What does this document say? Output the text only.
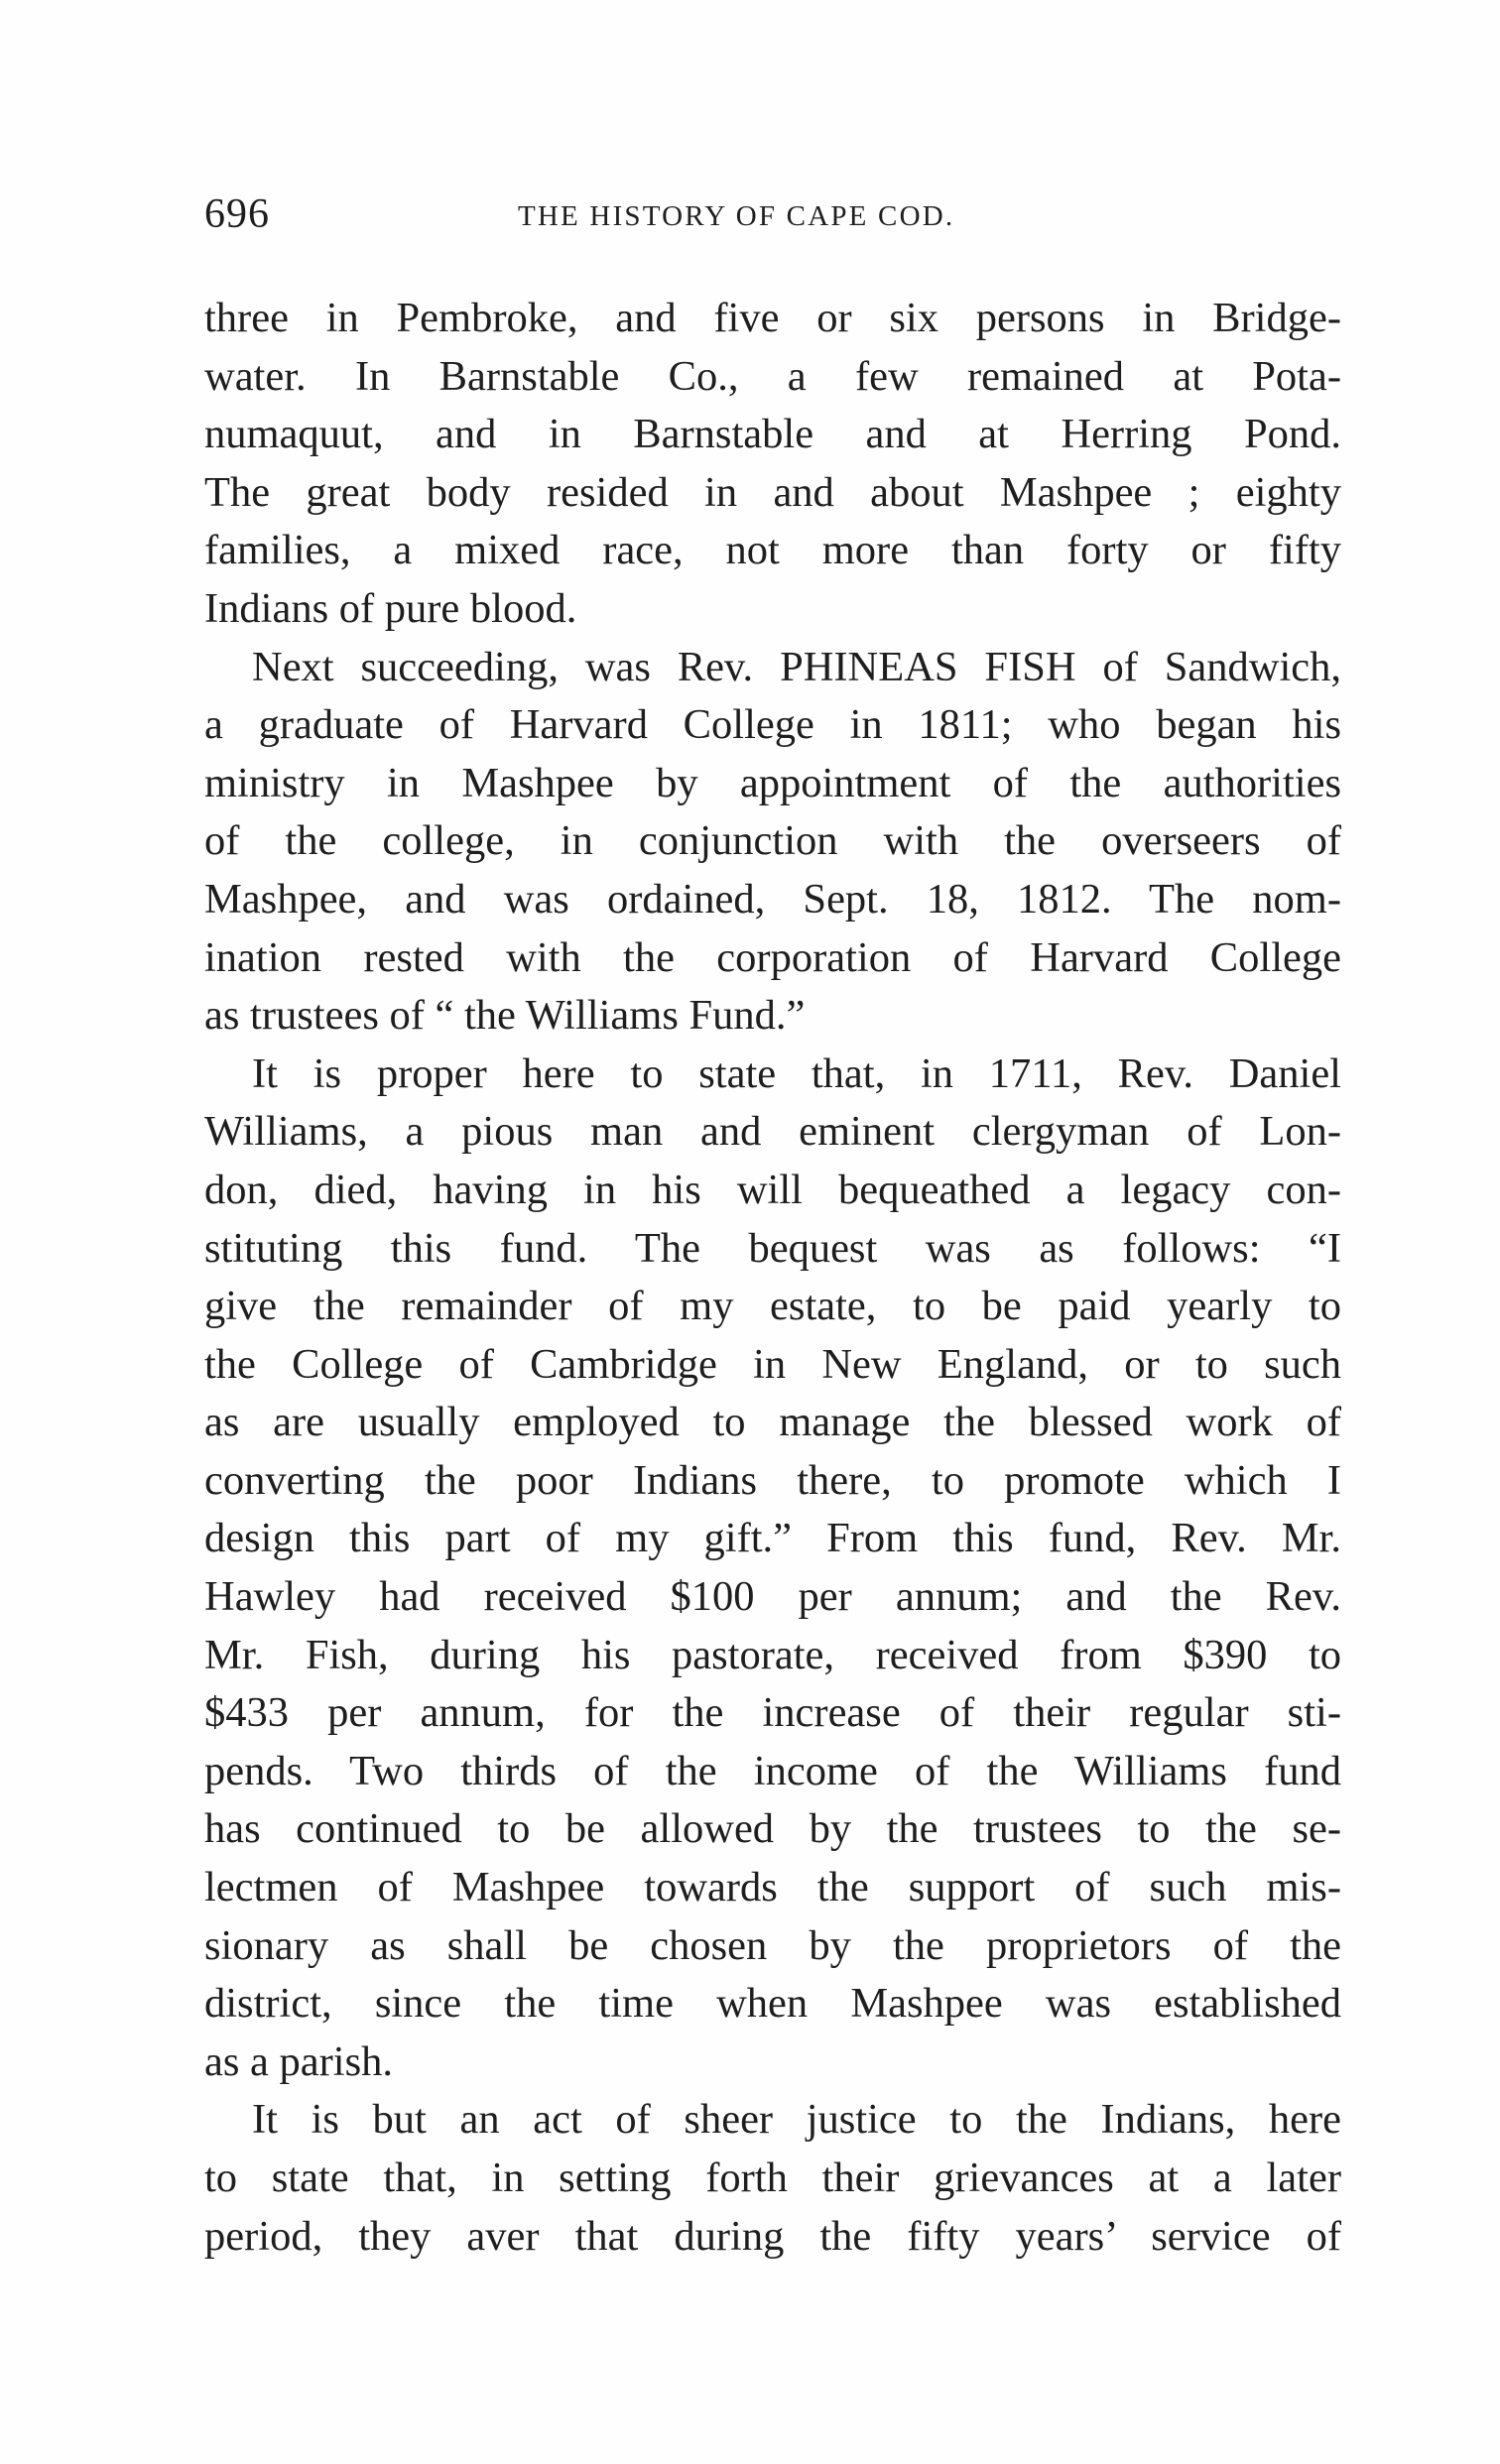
696	THE HISTORY OF CAPE COD.
three in Pembroke, and five or six persons in Bridge-
water. In Barnstable Co., a few remained at Pota-
numaquut, and in Barnstable and at Herring Pond.
The great body resided in and about Mashpee ; eighty
families, a mixed race, not more than forty or fifty
Indians of pure blood.
Next succeeding, was Rev. PHINEAS FISH of Sandwich,
a graduate of Harvard College in 1811; who began his
ministry in Mashpee by appointment of the authorities
of the college, in conjunction with the overseers of
Mashpee, and was ordained, Sept. 18, 1812. The nom-
ination rested with the corporation of Harvard College
as trustees of “ the Williams Fund.”
It is proper here to state that, in 1711, Rev. Daniel
Williams, a pious man and eminent clergyman of Lon-
don, died, having in his will bequeathed a legacy con-
stituting this fund. The bequest was as follows: “I
give the remainder of my estate, to be paid yearly to
the College of Cambridge in New England, or to such
as are usually employed to manage the blessed work of
converting the poor Indians there, to promote which I
design this part of my gift.” From this fund, Rev. Mr.
Hawley had received $100 per annum; and the Rev.
Mr. Fish, during his pastorate, received from $390 to
$433 per annum, for the increase of their regular sti-
pends. Two thirds of the income of the Williams fund
has continued to be allowed by the trustees to the se-
lectmen of Mashpee towards the support of such mis-
sionary as shall be chosen by the proprietors of the
district, since the time when Mashpee was established
as a parish.
It is but an act of sheer justice to the Indians, here
to state that, in setting forth their grievances at a later
period, they aver that during the fifty years’ service of
